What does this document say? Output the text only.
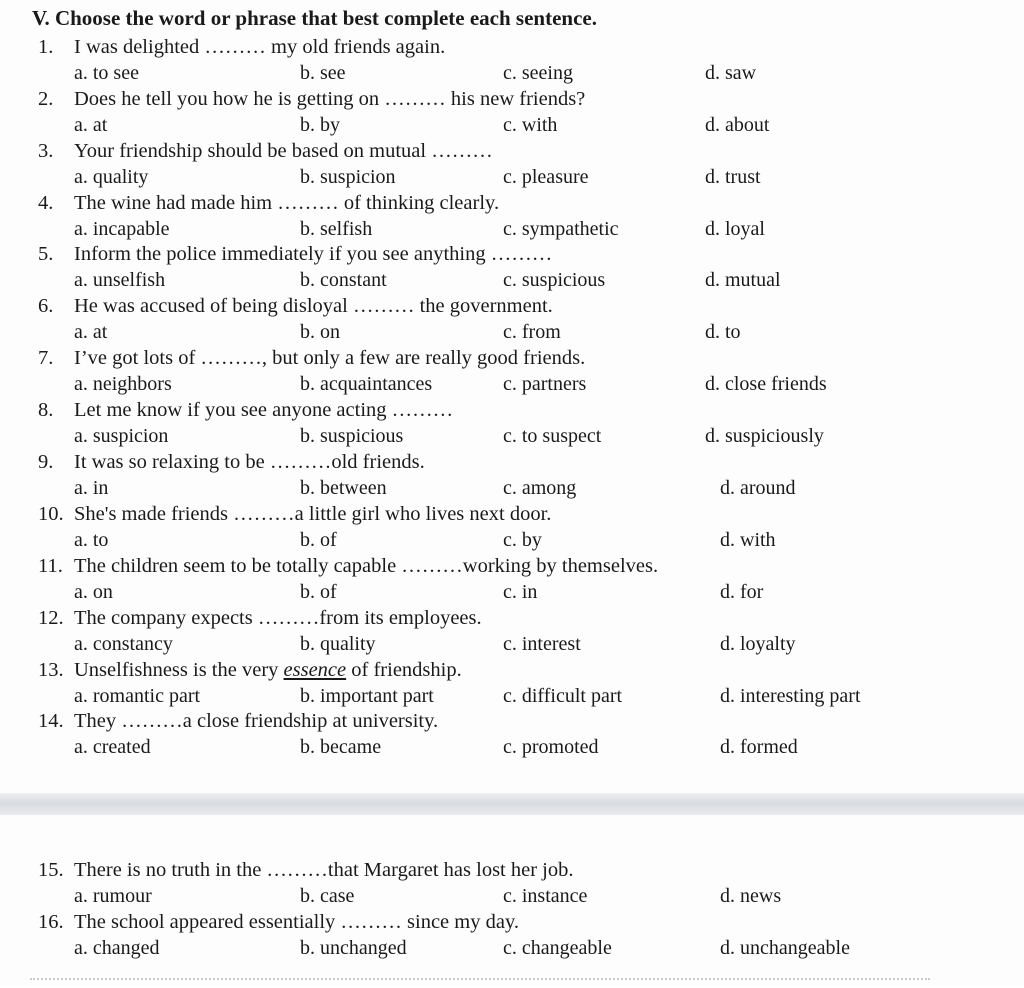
V. Choose the word or phrase that best complete each sentence.
1. I was delighted ……… my old friends again.
a. to see	b. see	c. seeing	d. saw
2. Does he tell you how he is getting on ……… his new friends?
a. at	b. by	c. with	d. about
3. Your friendship should be based on mutual ………
a. quality	b. suspicion	c. pleasure	d. trust
4. The wine had made him ……… of thinking clearly.
a. incapable	b. selfish	c. sympathetic	d. loyal
5. Inform the police immediately if you see anything ………
a. unselfish	b. constant	c. suspicious	d. mutual
6. He was accused of being disloyal ……… the government.
a. at	b. on	c. from	d. to
7. I’ve got lots of ………, but only a few are really good friends.
a. neighbors	b. acquaintances	c. partners	d. close friends
8. Let me know if you see anyone acting ………
a. suspicion	b. suspicious	c. to suspect	d. suspiciously
9. It was so relaxing to be ………old friends.
a. in	b. between	c. among	d. around
10. She's made friends ………a little girl who lives next door.
a. to	b. of	c. by	d. with
11. The children seem to be totally capable ………working by themselves.
a. on	b. of	c. in	d. for
12. The company expects ………from its employees.
a. constancy	b. quality	c. interest	d. loyalty
13. Unselfishness is the very essence of friendship.
a. romantic part	b. important part	c. difficult part	d. interesting part
14. They ………a close friendship at university.
a. created	b. became	c. promoted	d. formed
15. There is no truth in the ………that Margaret has lost her job.
a. rumour	b. case	c. instance	d. news
16. The school appeared essentially ……… since my day.
a. changed	b. unchanged	c. changeable	d. unchangeable
